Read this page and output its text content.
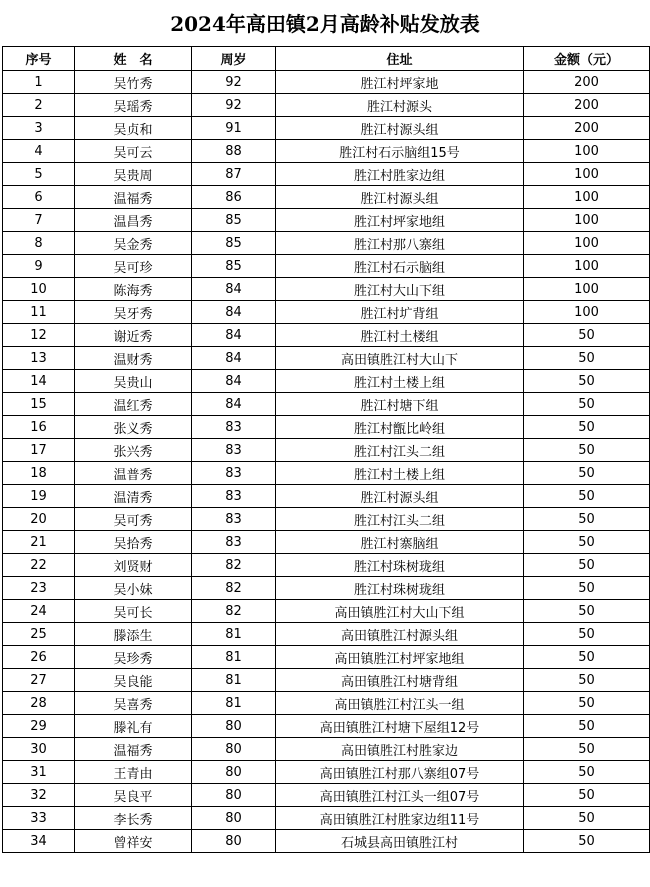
2024年高田镇2月高龄补贴发放表
序号	姓　名	周岁	住址	金额（元）
1	吴竹秀	92	胜江村坪家地	200
2	吴瑶秀	92	胜江村源头	200
3	吴贞和	91	胜江村源头组	200
4	吴可云	88	胜江村石示脑组15号	100
5	吴贵周	87	胜江村胜家边组	100
6	温福秀	86	胜江村源头组	100
7	温昌秀	85	胜江村坪家地组	100
8	吴金秀	85	胜江村那八寨组	100
9	吴可珍	85	胜江村石示脑组	100
10	陈海秀	84	胜江村大山下组	100
11	吴牙秀	84	胜江村圹背组	100
12	谢近秀	84	胜江村土楼组	50
13	温财秀	84	高田镇胜江村大山下	50
14	吴贵山	84	胜江村土楼上组	50
15	温红秀	84	胜江村塘下组	50
16	张义秀	83	胜江村甑比岭组	50
17	张兴秀	83	胜江村江头二组	50
18	温普秀	83	胜江村土楼上组	50
19	温清秀	83	胜江村源头组	50
20	吴可秀	83	胜江村江头二组	50
21	吴拾秀	83	胜江村寨脑组	50
22	刘贤财	82	胜江村珠树珑组	50
23	吴小妹	82	胜江村珠树珑组	50
24	吴可长	82	高田镇胜江村大山下组	50
25	滕添生	81	高田镇胜江村源头组	50
26	吴珍秀	81	高田镇胜江村坪家地组	50
27	吴良能	81	高田镇胜江村塘背组	50
28	吴喜秀	81	高田镇胜江村江头一组	50
29	滕礼有	80	高田镇胜江村塘下屋组12号	50
30	温福秀	80	高田镇胜江村胜家边	50
31	王青由	80	高田镇胜江村那八寨组07号	50
32	吴良平	80	高田镇胜江村江头一组07号	50
33	李长秀	80	高田镇胜江村胜家边组11号	50
34	曾祥安	80	石城县高田镇胜江村	50
